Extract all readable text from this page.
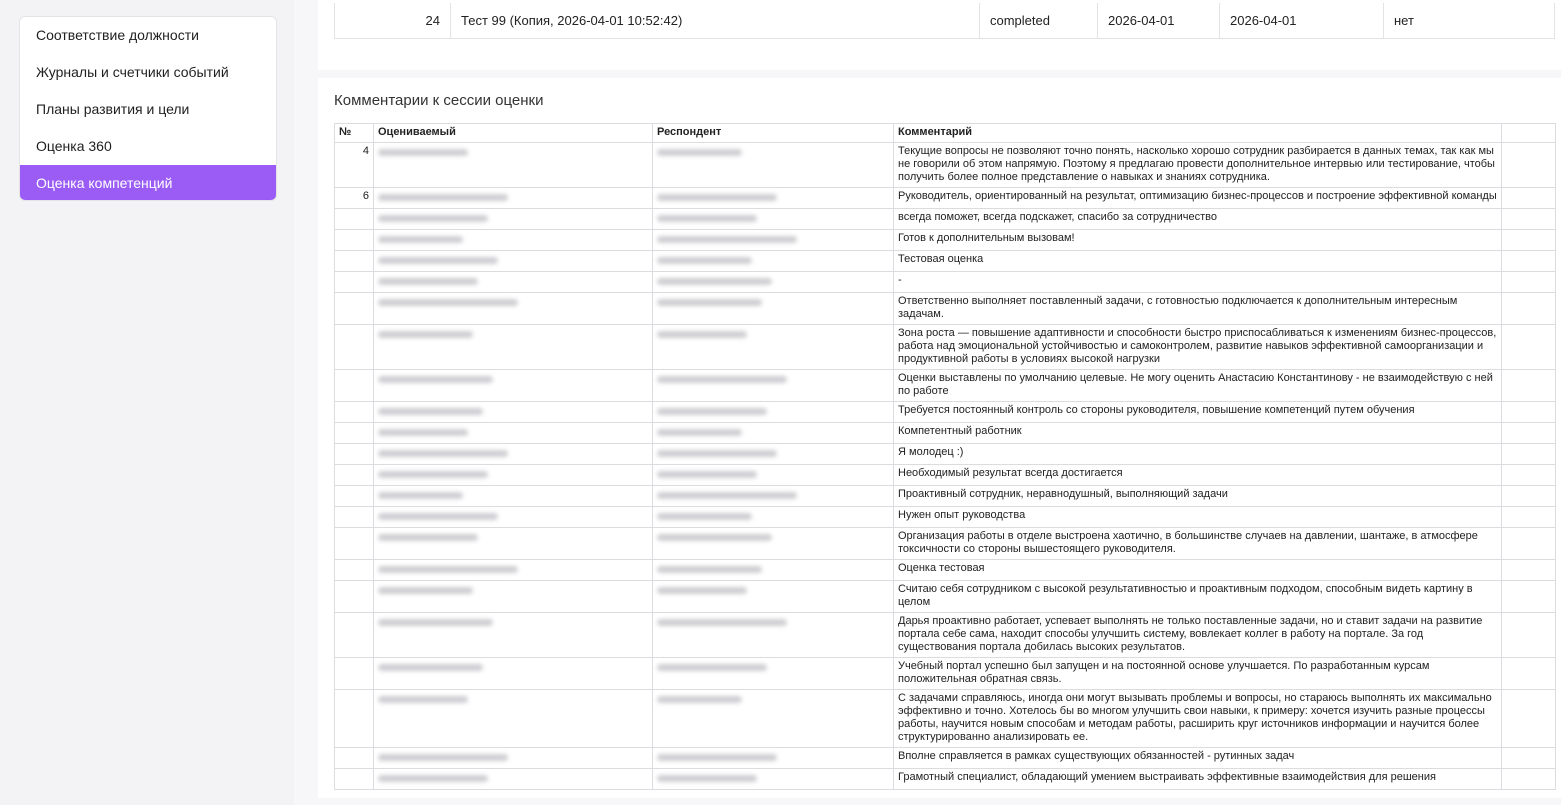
Соответствие должности
Журналы и счетчики событий
Планы развития и цели
Оценка 360
Оценка компетенций
24	Тест 99 (Копия, 2026-04-01 10:52:42)	completed	2026-04-01	2026-04-01	нет
Комментарии к сессии оценки
№	Оцениваемый	Респондент	Комментарий	
4			Текущие вопросы не позволяют точно понять, насколько хорошо сотрудник разбирается в данных темах, так как мы не говорили об этом напрямую. Поэтому я предлагаю провести дополнительное интервью или тестирование, чтобы получить более полное представление о навыках и знаниях сотрудника.	
6			Руководитель, ориентированный на результат, оптимизацию бизнес-процессов и построение эффективной команды	
			всегда поможет, всегда подскажет, спасибо за сотрудничество	
			Готов к дополнительным вызовам!	
			Тестовая оценка	
			-	
			Ответственно выполняет поставленный задачи, с готовностью подключается к дополнительным интересным задачам.	
			Зона роста — повышение адаптивности и способности быстро приспосабливаться к изменениям бизнес-процессов, работа над эмоциональной устойчивостью и самоконтролем, развитие навыков эффективной самоорганизации и продуктивной работы в условиях высокой нагрузки	
			Оценки выставлены по умолчанию целевые. Не могу оценить Анастасию Константинову - не взаимодействую с ней по работе	
			Требуется постоянный контроль со стороны руководителя, повышение компетенций путем обучения	
			Компетентный работник	
			Я молодец :)	
			Необходимый результат всегда достигается	
			Проактивный сотрудник, неравнодушный, выполняющий задачи	
			Нужен опыт руководства	
			Организация работы в отделе выстроена хаотично, в большинстве случаев на давлении, шантаже, в атмосфере токсичности со стороны вышестоящего руководителя.	
			Оценка тестовая	
			Считаю себя сотрудником с высокой результативностью и проактивным подходом, способным видеть картину в целом	
			Дарья проактивно работает, успевает выполнять не только поставленные задачи, но и ставит задачи на развитие портала себе сама, находит способы улучшить систему, вовлекает коллег в работу на портале. За год существования портала добилась высоких результатов.	
			Учебный портал успешно был запущен и на постоянной основе улучшается. По разработанным курсам положительная обратная связь.	
			С задачами справляюсь, иногда они могут вызывать проблемы и вопросы, но стараюсь выполнять их максимально эффективно и точно. Хотелось бы во многом улучшить свои навыки, к примеру: хочется изучить разные процессы работы, научится новым способам и методам работы, расширить круг источников информации и научится более структурированно анализировать ее.	
			Вполне справляется в рамках существующих обязанностей - рутинных задач	
			Грамотный специалист, обладающий умением выстраивать эффективные взаимодействия для решения	
